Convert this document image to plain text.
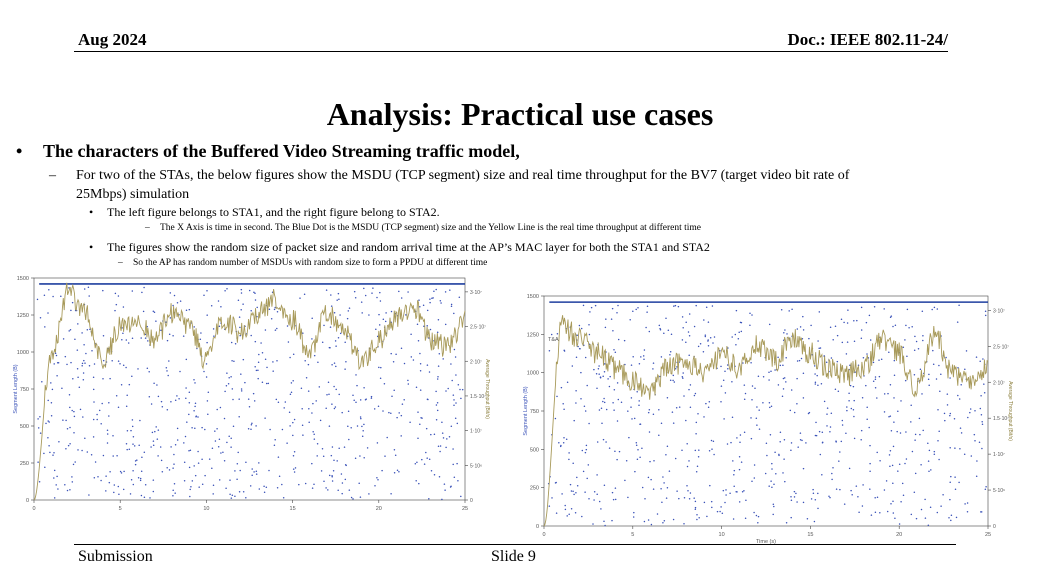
Aug 2024	Doc.: IEEE 802.11-24/
Analysis: Practical use cases
• The characters of the Buffered Video Streaming traffic model,
– For two of the STAs, the below figures show the MSDU (TCP segment) size and real time throughput for the BV7 (target video bit rate of 25Mbps) simulation
• The left figure belongs to STA1, and the right figure belong to STA2.
– The X Axis is time in second. The Blue Dot is the MSDU (TCP segment) size and the Yellow Line is the real time throughput at different time
• The figures show the random size of packet size and random arrival time at the AP’s MAC layer for both the STA1 and STA2
– So the AP has random number of MSDUs with random size to form a PPDU at different time
0
250
500
750
1000
1250
1500
0
5·10⁶
1·10⁷
1.5·10⁷
2·10⁷
2.5·10⁷
3·10⁷
0	5	10	15	20	25
Segment Length (B)	Average Throughput (Bit/s)
0
250
500
750
1000
1250
1500
0
5·10⁶
1·10⁷
1.5·10⁷
2·10⁷
2.5·10⁷
3·10⁷
0	5	10	15	20	25
Segment Length (B)	Average Throughput (Bit/s)
Time (s)
T&A
Submission	Slide 9
